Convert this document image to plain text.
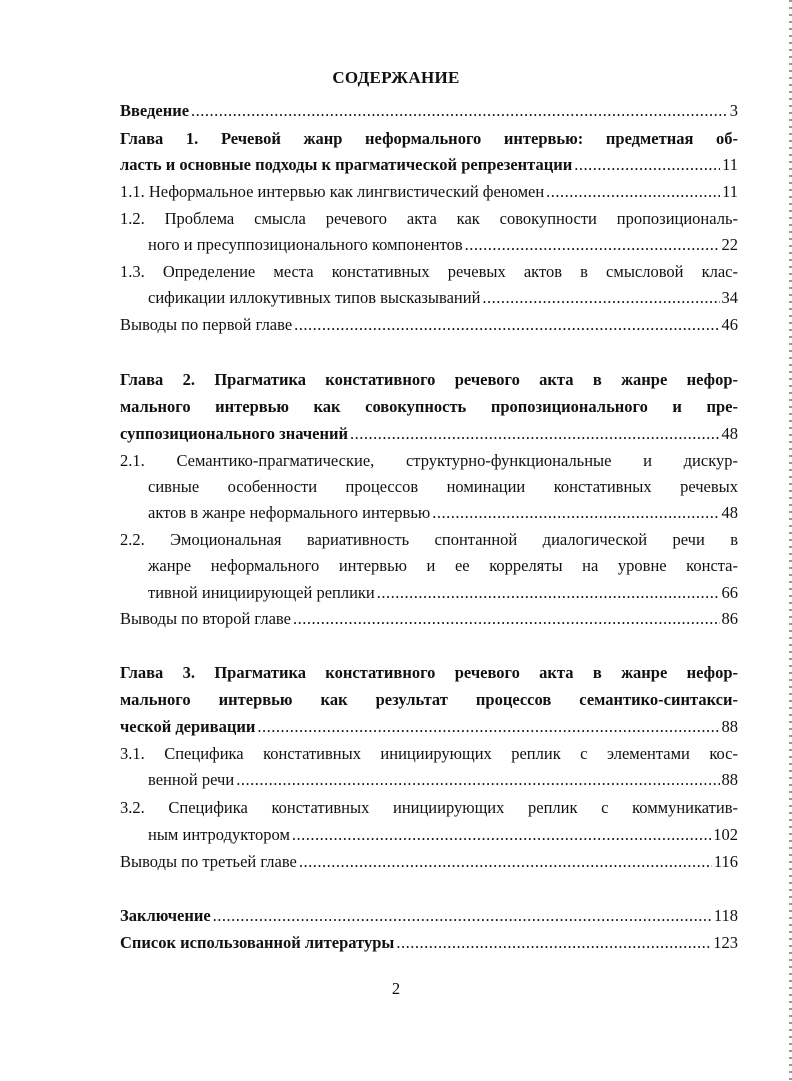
СОДЕРЖАНИЕ
Введение .....	3
Глава 1. Речевой жанр неформального интервью: предметная об-
ласть и основные подходы к прагматической репрезентации .....	11
1.1. Неформальное интервью как лингвистический феномен .....	11
1.2. Проблема смысла речевого акта как совокупности пропозициональ-
ного и пресуппозиционального компонентов .....	22
1.3. Определение места констативных речевых актов в смысловой клас-
сификации иллокутивных типов высказываний .....	34
Выводы по первой главе .....	46
Глава 2. Прагматика констативного речевого акта в жанре нефор-
мального интервью как совокупность пропозиционального и пре-
суппозиционального значений .....	48
2.1. Семантико-прагматические, структурно-функциональные и дискур-
сивные особенности процессов номинации констативных речевых
актов в жанре неформального интервью .....	48
2.2. Эмоциональная вариативность спонтанной диалогической речи в
жанре неформального интервью и ее корреляты на уровне конста-
тивной инициирующей реплики .....	66
Выводы по второй главе .....	86
Глава 3. Прагматика констативного речевого акта в жанре нефор-
мального интервью как результат процессов семантико-синтакси-
ческой деривации .....	88
3.1. Специфика констативных инициирующих реплик с элементами кос-
венной речи .....	88
3.2. Специфика констативных инициирующих реплик с коммуникатив-
ным интродуктором .....	102
Выводы по третьей главе .....	116
Заключение .....	118
Список использованной литературы .....	123
2
